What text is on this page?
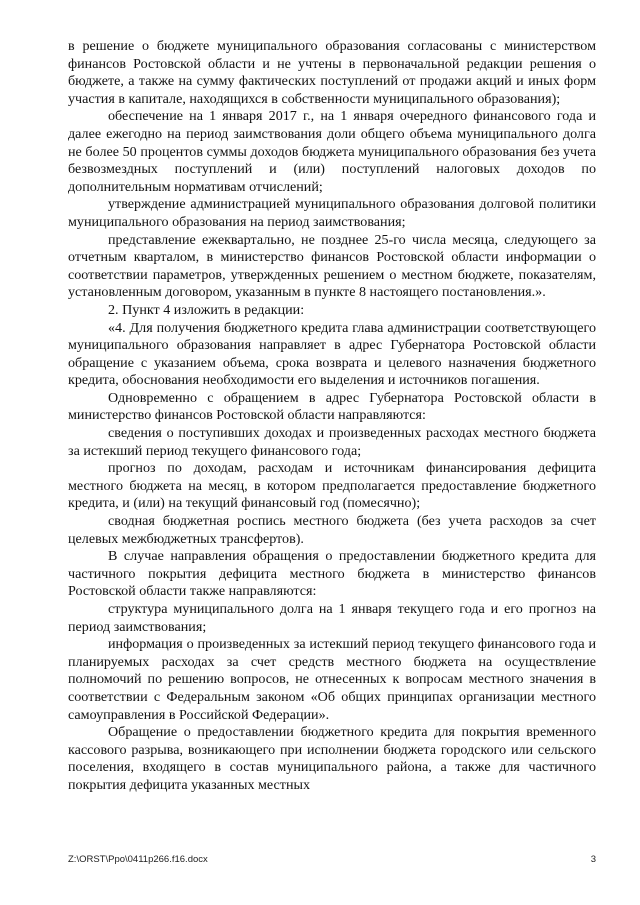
в решение о бюджете муниципального образования согласованы с министерством финансов Ростовской области и не учтены в первоначальной редакции решения о бюджете, а также на сумму фактических поступлений от продажи акций и иных форм участия в капитале, находящихся в собственности муниципального образования);

обеспечение на 1 января 2017 г., на 1 января очередного финансового года и далее ежегодно на период заимствования доли общего объема муниципального долга не более 50 процентов суммы доходов бюджета муниципального образования без учета безвозмездных поступлений и (или) поступлений налоговых доходов по дополнительным нормативам отчислений;

утверждение администрацией муниципального образования долговой политики муниципального образования на период заимствования;

представление ежеквартально, не позднее 25-го числа месяца, следующего за отчетным кварталом, в министерство финансов Ростовской области информации о соответствии параметров, утвержденных решением о местном бюджете, показателям, установленным договором, указанным в пункте 8 настоящего постановления.».

2. Пункт 4 изложить в редакции:

«4. Для получения бюджетного кредита глава администрации соответствующего муниципального образования направляет в адрес Губернатора Ростовской области обращение с указанием объема, срока возврата и целевого назначения бюджетного кредита, обоснования необходимости его выделения и источников погашения.

Одновременно с обращением в адрес Губернатора Ростовской области в министерство финансов Ростовской области направляются:

сведения о поступивших доходах и произведенных расходах местного бюджета за истекший период текущего финансового года;

прогноз по доходам, расходам и источникам финансирования дефицита местного бюджета на месяц, в котором предполагается предоставление бюджетного кредита, и (или) на текущий финансовый год (помесячно);

сводная бюджетная роспись местного бюджета (без учета расходов за счет целевых межбюджетных трансфертов).

В случае направления обращения о предоставлении бюджетного кредита для частичного покрытия дефицита местного бюджета в министерство финансов Ростовской области также направляются:

структура муниципального долга на 1 января текущего года и его прогноз на период заимствования;

информация о произведенных за истекший период текущего финансового года и планируемых расходах за счет средств местного бюджета на осуществление полномочий по решению вопросов, не отнесенных к вопросам местного значения в соответствии с Федеральным законом «Об общих принципах организации местного самоуправления в Российской Федерации».

Обращение о предоставлении бюджетного кредита для покрытия временного кассового разрыва, возникающего при исполнении бюджета городского или сельского поселения, входящего в состав муниципального района, а также для частичного покрытия дефицита указанных местных

Z:\ORST\Ppo\0411p266.f16.docx	3
